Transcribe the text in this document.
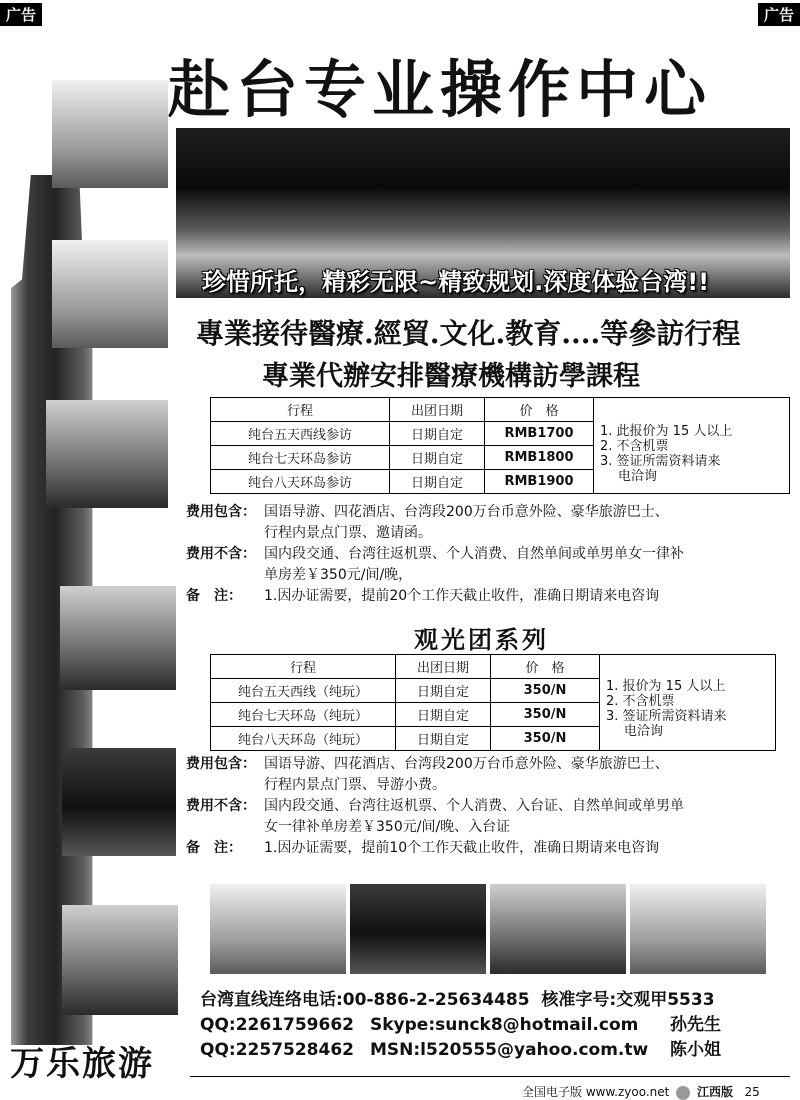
广告	广告
赴台专业操作中心
珍惜所托，精彩无限~精致规划.深度体验台湾!!
專業接待醫療.經貿.文化.教育....等參訪行程
專業代辦安排醫療機構訪學課程
行程	出团日期	价　格	1. 此报价为 15 人以上
2. 不含机票
3. 签证所需资料请来
电洽询

纯台五天西线参访	日期自定	RMB1700	
纯台七天环岛参访	日期自定	RMB1800	
纯台八天环岛参访	日期自定	RMB1900	
费用包含： 国语导游、四花酒店、台湾段200万台币意外险、豪华旅游巴士、
行程内景点门票、邀请函。
费用不含： 国内段交通、台湾往返机票、个人消费、自然单间或单男单女一律补
单房差￥350元/间/晚，
备　注： 1.因办证需要，提前20个工作天截止收件，准确日期请来电咨询
观光团系列
行程	出团日期	价　格	1. 报价为 15 人以上
2. 不含机票
3. 签证所需资料请来
电洽询

纯台五天西线（纯玩）	日期自定	350/N	
纯台七天环岛（纯玩）	日期自定	350/N	
纯台八天环岛（纯玩）	日期自定	350/N	
费用包含： 国语导游、四花酒店、台湾段200万台币意外险、豪华旅游巴士、
行程内景点门票、导游小费。
费用不含： 国内段交通、台湾往返机票、个人消费、入台证、自然单间或单男单
女一律补单房差￥350元/间/晚、入台证
备　注： 1.因办证需要，提前10个工作天截止收件，准确日期请来电咨询
台湾直线连络电话:00-886-2-25634485 核准字号:交观甲5533
QQ:2261759662 Skype:sunck8@hotmail.com 孙先生
QQ:2257528462 MSN:l520555@yahoo.com.tw 陈小姐
万乐旅游
全国电子版 www.zyoo.net 江西版 25
